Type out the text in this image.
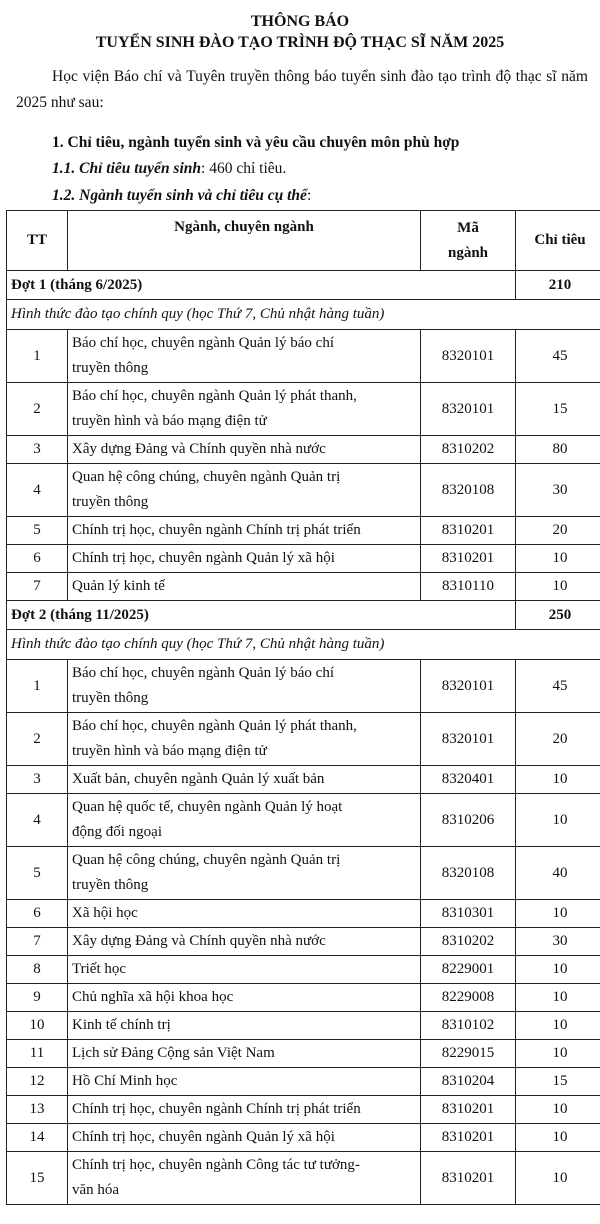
THÔNG BÁO
TUYỂN SINH ĐÀO TẠO TRÌNH ĐỘ THẠC SĨ NĂM 2025
Học viện Báo chí và Tuyên truyền thông báo tuyển sinh đào tạo trình độ thạc sĩ năm 2025 như sau:
1. Chỉ tiêu, ngành tuyển sinh và yêu cầu chuyên môn phù hợp
1.1. Chỉ tiêu tuyển sinh: 460 chỉ tiêu.
1.2. Ngành tuyển sinh và chỉ tiêu cụ thể:
TT	Ngành, chuyên ngành	Mã
ngành	Chỉ tiêu
Đợt 1 (tháng 6/2025)			210
Hình thức đào tạo chính quy (học Thứ 7, Chủ nhật hàng tuần)			
1	Báo chí học, chuyên ngành Quản lý báo chí
truyền thông	8320101	45
2	Báo chí học, chuyên ngành Quản lý phát thanh,
truyền hình và báo mạng điện tử	8320101	15
3	Xây dựng Đảng và Chính quyền nhà nước	8310202	80
4	Quan hệ công chúng, chuyên ngành Quản trị
truyền thông	8320108	30
5	Chính trị học, chuyên ngành Chính trị phát triển	8310201	20
6	Chính trị học, chuyên ngành Quản lý xã hội	8310201	10
7	Quản lý kinh tế	8310110	10
Đợt 2 (tháng 11/2025)			250
Hình thức đào tạo chính quy (học Thứ 7, Chủ nhật hàng tuần)			
1	Báo chí học, chuyên ngành Quản lý báo chí
truyền thông	8320101	45
2	Báo chí học, chuyên ngành Quản lý phát thanh,
truyền hình và báo mạng điện tử	8320101	20
3	Xuất bản, chuyên ngành Quản lý xuất bản	8320401	10
4	Quan hệ quốc tế, chuyên ngành Quản lý hoạt
động đối ngoại	8310206	10
5	Quan hệ công chúng, chuyên ngành Quản trị
truyền thông	8320108	40
6	Xã hội học	8310301	10
7	Xây dựng Đảng và Chính quyền nhà nước	8310202	30
8	Triết học	8229001	10
9	Chủ nghĩa xã hội khoa học	8229008	10
10	Kinh tế chính trị	8310102	10
11	Lịch sử Đảng Cộng sản Việt Nam	8229015	10
12	Hồ Chí Minh học	8310204	15
13	Chính trị học, chuyên ngành Chính trị phát triển	8310201	10
14	Chính trị học, chuyên ngành Quản lý xã hội	8310201	10
15	Chính trị học, chuyên ngành Công tác tư tưởng-
văn hóa	8310201	10
